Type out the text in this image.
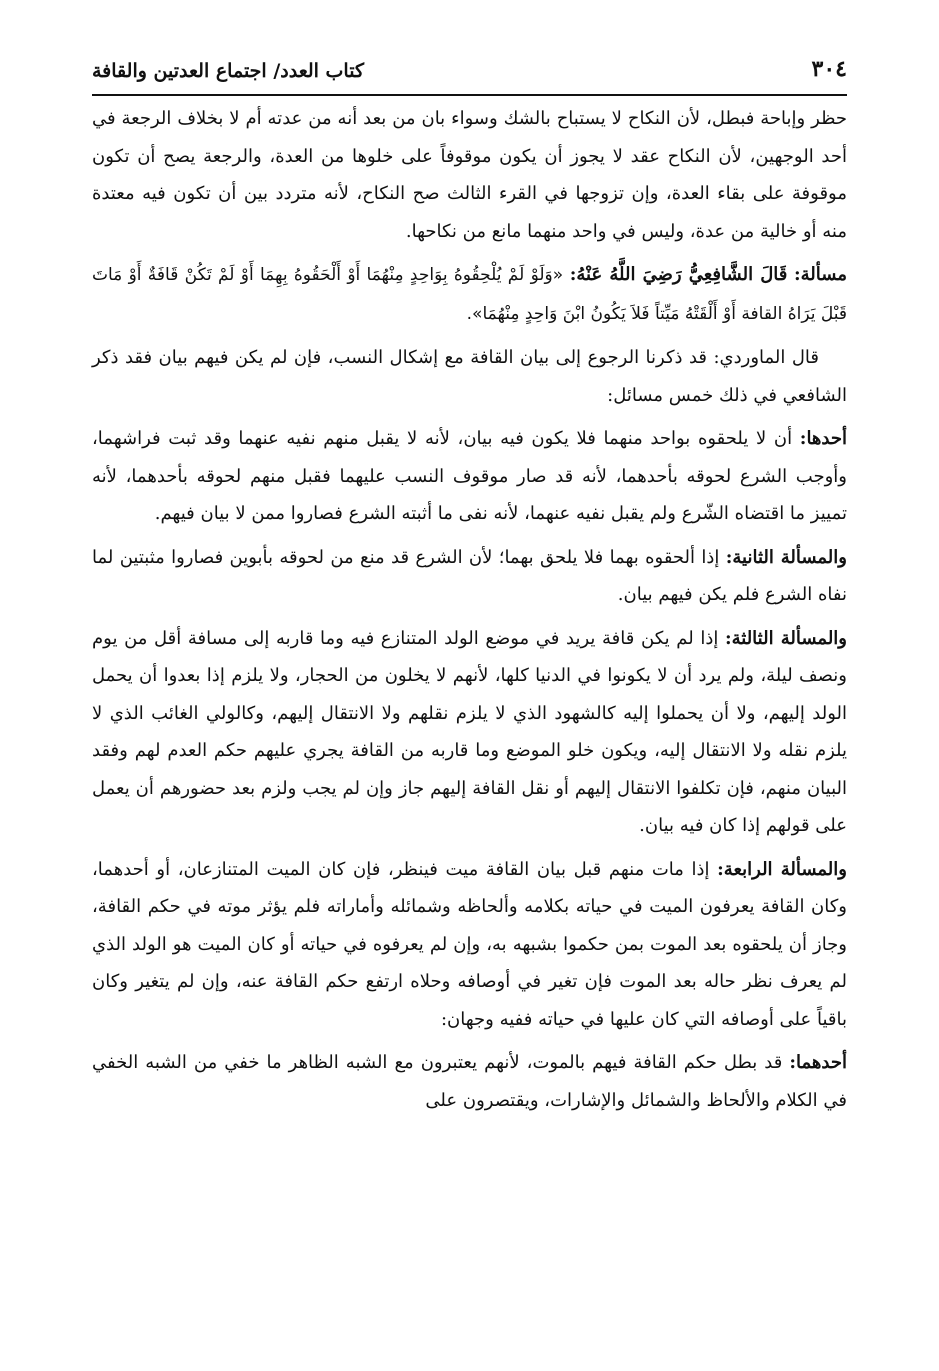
٣٠٤
كتاب العدد/ اجتماع العدتين والقافة

حظر وإباحة فبطل، لأن النكاح لا يستباح بالشك وسواء بان من بعد أنه من عدته أم لا بخلاف الرجعة في أحد الوجهين، لأن النكاح عقد لا يجوز أن يكون موقوفاً على خلوها من العدة، والرجعة يصح أن تكون موقوفة على بقاء العدة، وإن تزوجها في القرء الثالث صح النكاح، لأنه متردد بين أن تكون فيه معتدة منه أو خالية من عدة، وليس في واحد منهما مانع من نكاحها.

مسألة: قَالَ الشَّافِعِيُّ رَضِيَ اللَّهُ عَنْهُ: «وَلَوْ لَمْ يُلْحِقُوهُ بِوَاحِدٍ مِنْهُمَا أَوْ أَلْحَقُوهُ بِهِمَا أَوْ لَمْ تَكُنْ قَافَةٌ أَوْ مَاتَ قَبْلَ يَرَاهُ القافة أَوْ أَلْقَتْهُ مَيِّتاً فَلاَ يَكُونُ ابْنَ وَاحِدٍ مِنْهُمَا».

قال الماوردي: قد ذكرنا الرجوع إلى بيان القافة مع إشكال النسب، فإن لم يكن فيهم بيان فقد ذكر الشافعي في ذلك خمس مسائل:

أحدها: أن لا يلحقوه بواحد منهما فلا يكون فيه بيان، لأنه لا يقبل منهم نفيه عنهما وقد ثبت فراشهما، وأوجب الشرع لحوقه بأحدهما، لأنه قد صار موقوف النسب عليهما فقبل منهم لحوقه بأحدهما، لأنه تمييز ما اقتضاه الشّرع ولم يقبل نفيه عنهما، لأنه نفى ما أثبته الشرع فصاروا ممن لا بيان فيهم.

والمسألة الثانية: إذا ألحقوه بهما فلا يلحق بهما؛ لأن الشرع قد منع من لحوقه بأبوين فصاروا مثبتين لما نفاه الشرع فلم يكن فيهم بيان.

والمسألة الثالثة: إذا لم يكن قافة يريد في موضع الولد المتنازع فيه وما قاربه إلى مسافة أقل من يوم ونصف ليلة، ولم يرد أن لا يكونوا في الدنيا كلها، لأنهم لا يخلون من الحجار، ولا يلزم إذا بعدوا أن يحمل الولد إليهم، ولا أن يحملوا إليه كالشهود الذي لا يلزم نقلهم ولا الانتقال إليهم، وكالولي الغائب الذي لا يلزم نقله ولا الانتقال إليه، ويكون خلو الموضع وما قاربه من القافة يجري عليهم حكم العدم لهم وفقد البيان منهم، فإن تكلفوا الانتقال إليهم أو نقل القافة إليهم جاز وإن لم يجب ولزم بعد حضورهم أن يعمل على قولهم إذا كان فيه بيان.

والمسألة الرابعة: إذا مات منهم قبل بيان القافة ميت فينظر، فإن كان الميت المتنازعان، أو أحدهما، وكان القافة يعرفون الميت في حياته بكلامه وألحاظه وشمائله وأماراته فلم يؤثر موته في حكم القافة، وجاز أن يلحقوه بعد الموت بمن حكموا بشبهه به، وإن لم يعرفوه في حياته أو كان الميت هو الولد الذي لم يعرف نظر حاله بعد الموت فإن تغير في أوصافه وحلاه ارتفع حكم القافة عنه، وإن لم يتغير وكان باقياً على أوصافه التي كان عليها في حياته ففيه وجهان:

أحدهما: قد بطل حكم القافة فيهم بالموت، لأنهم يعتبرون مع الشبه الظاهر ما خفي من الشبه الخفي في الكلام والألحاظ والشمائل والإشارات، ويقتصرون على
